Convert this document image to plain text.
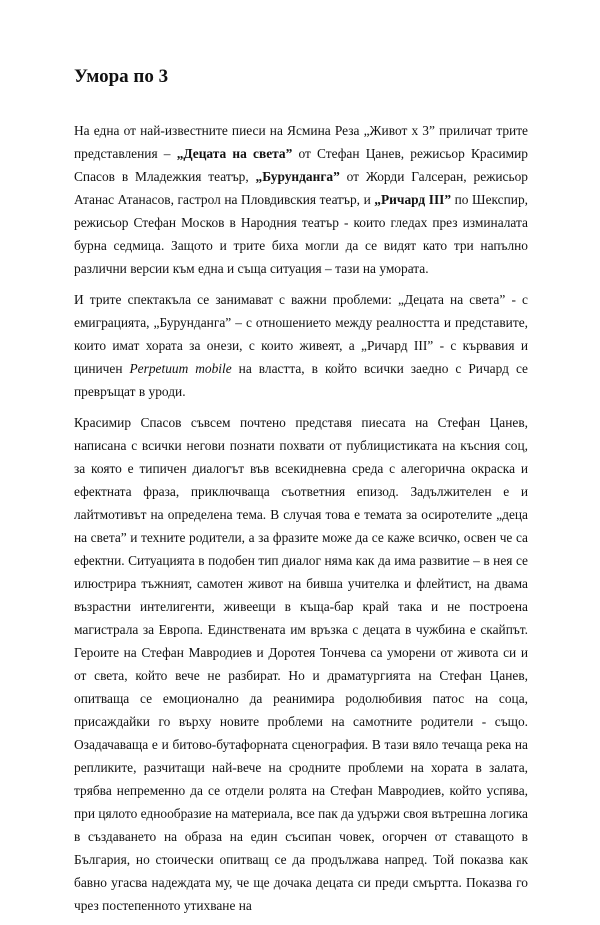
Умора по 3

На една от най-известните пиеси на Ясмина Реза „Живот х 3” приличат трите представления – „Децата на света” от Стефан Цанев, режисьор Красимир Спасов в Младежкия театър, „Бурунданга” от Жорди Галсеран, режисьор Атанас Атанасов, гастрол на Пловдивския театър, и „Ричард III” по Шекспир, режисьор Стефан Москов в Народния театър - които гледах през изминалата бурна седмица. Защото и трите биха могли да се видят като три напълно различни версии към една и съща ситуация – тази на умората.

И трите спектакъла се занимават с важни проблеми: „Децата на света” - с емиграцията, „Бурунданга” – с отношението между реалността и представите, които имат хората за онези, с които живеят, а „Ричард III” - с кървавия и циничен Perpetuum mobile на властта, в който всички заедно с Ричард се превръщат в уроди.

Красимир Спасов съвсем почтено представя пиесата на Стефан Цанев, написана с всички негови познати похвати от публицистиката на късния соц, за която е типичен диалогът във всекидневна среда с алегорична окраска и ефектната фраза, приключваща съответния епизод. Задължителен е и лайтмотивът на определена тема. В случая това е темата за осиротелите „деца на света” и техните родители, а за фразите може да се каже всичко, освен че са ефектни. Ситуацията в подобен тип диалог няма как да има развитие – в нея се илюстрира тъжният, самотен живот на бивша учителка и флейтист, на двама възрастни интелигенти, живеещи в къща-бар край така и не построена магистрала за Европа. Единствената им връзка с децата в чужбина е скайпът. Героите на Стефан Мавродиев и Доротея Тончева са уморени от живота си и от света, който вече не разбират. Но и драматургията на Стефан Цанев, опитваща се емоционално да реанимира родолюбивия патос на соца, присаждайки го върху новите проблеми на самотните родители - също. Озадачаваща е и битово-бутафорната сценография. В тази вяло течаща река на репликите, разчитащи най-вече на сродните проблеми на хората в залата, трябва непременно да се отдели ролята на Стефан Мавродиев, който успява, при цялото еднообразие на материала, все пак да удържи своя вътрешна логика в създаването на образа на един съсипан човек, огорчен от ставащото в България, но стоически опитващ се да продължава напред. Той показва как бавно угасва надеждата му, че ще дочака децата си преди смъртта. Показва го чрез постепенното утихване на
